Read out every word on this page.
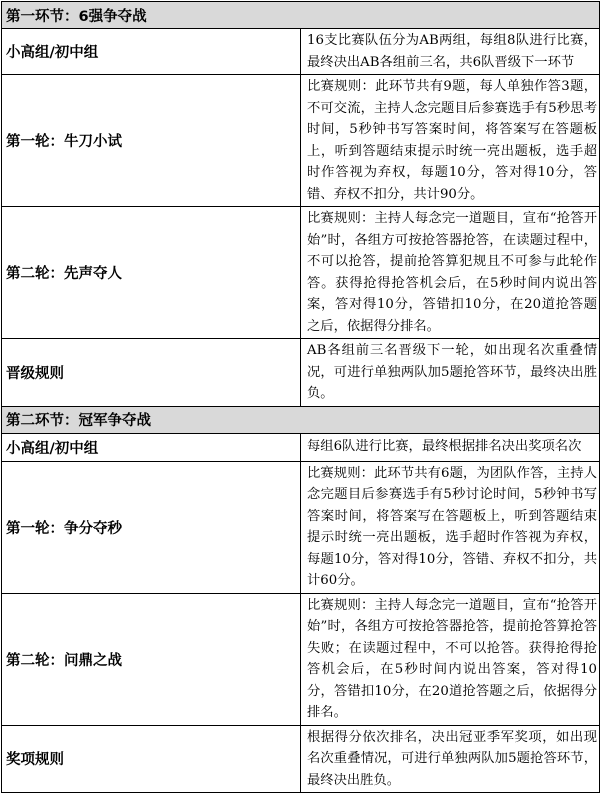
第一环节：6强争夺战	
小高组/初中组	16支比赛队伍分为AB两组，每组8队进行比赛，最终决出AB各组前三名，共6队晋级下一环节
第一轮：牛刀小试	比赛规则：此环节共有9题，每人单独作答3题，不可交流，主持人念完题目后参赛选手有5秒思考时间，5秒钟书写答案时间，将答案写在答题板上，听到答题结束提示时统一亮出题板，选手超时作答视为弃权，每题10分，答对得10分，答错、弃权不扣分，共计90分。
第二轮：先声夺人	比赛规则：主持人每念完一道题目，宣布“抢答开始”时，各组方可按抢答器抢答，在读题过程中，不可以抢答，提前抢答算犯规且不可参与此轮作答。获得抢得抢答机会后，在5秒时间内说出答案，答对得10分，答错扣10分，在20道抢答题之后，依据得分排名。
晋级规则	AB各组前三名晋级下一轮，如出现名次重叠情况，可进行单独两队加5题抢答环节，最终决出胜负。
第二环节：冠军争夺战	
小高组/初中组	每组6队进行比赛，最终根据排名决出奖项名次
第一轮：争分夺秒	比赛规则：此环节共有6题，为团队作答，主持人念完题目后参赛选手有5秒讨论时间，5秒钟书写答案时间，将答案写在答题板上，听到答题结束提示时统一亮出题板，选手超时作答视为弃权，每题10分，答对得10分，答错、弃权不扣分，共计60分。
第二轮：问鼎之战	比赛规则：主持人每念完一道题目，宣布“抢答开始”时，各组方可按抢答器抢答，提前抢答算抢答失败；在读题过程中，不可以抢答。获得抢得抢答机会后，在5秒时间内说出答案，答对得10分，答错扣10分，在20道抢答题之后，依据得分排名。
奖项规则	根据得分依次排名，决出冠亚季军奖项，如出现名次重叠情况，可进行单独两队加5题抢答环节，最终决出胜负。
